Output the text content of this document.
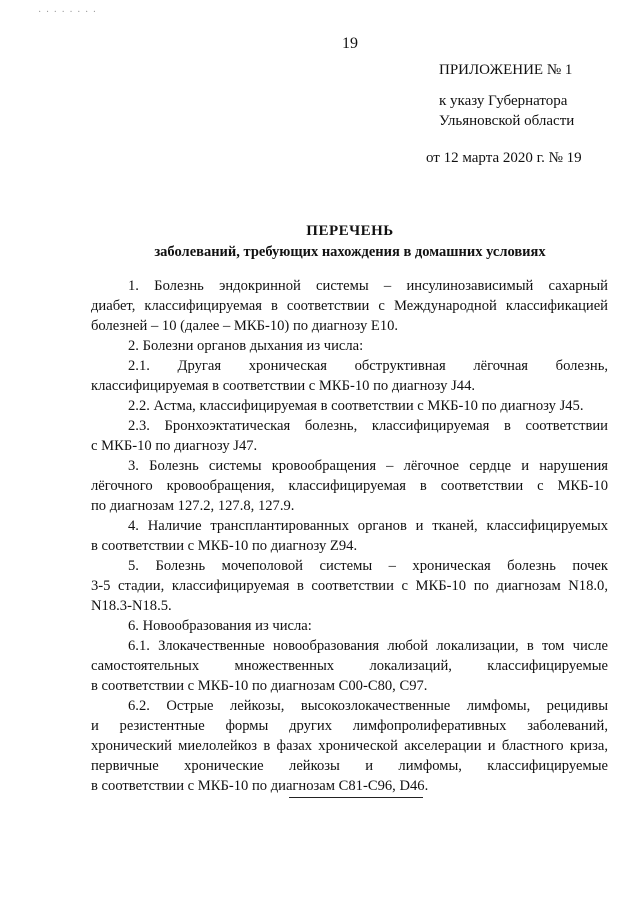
· · · · · · · ·
19
ПРИЛОЖЕНИЕ № 1
к указу Губернатора
Ульяновской области
от 12 марта 2020 г. № 19
ПЕРЕЧЕНЬ
заболеваний, требующих нахождения в домашних условиях
1. Болезнь эндокринной системы – инсулинозависимый сахарный
диабет, классифицируемая в соответствии с Международной классификацией
болезней – 10 (далее – МКБ-10) по диагнозу Е10.
2. Болезни органов дыхания из числа:
2.1. Другая хроническая обструктивная лёгочная болезнь,
классифицируемая в соответствии с МКБ-10 по диагнозу J44.
2.2. Астма, классифицируемая в соответствии с МКБ-10 по диагнозу J45.
2.3. Бронхоэктатическая болезнь, классифицируемая в соответствии
с МКБ-10 по диагнозу J47.
3. Болезнь системы кровообращения – лёгочное сердце и нарушения
лёгочного кровообращения, классифицируемая в соответствии с МКБ-10
по диагнозам 127.2, 127.8, 127.9.
4. Наличие трансплантированных органов и тканей, классифицируемых
в соответствии с МКБ-10 по диагнозу Z94.
5. Болезнь мочеполовой системы – хроническая болезнь почек
3-5 стадии, классифицируемая в соответствии с МКБ-10 по диагнозам N18.0,
N18.3-N18.5.
6. Новообразования из числа:
6.1. Злокачественные новообразования любой локализации, в том числе
самостоятельных множественных локализаций, классифицируемые
в соответствии с МКБ-10 по диагнозам С00-С80, С97.
6.2. Острые лейкозы, высокозлокачественные лимфомы, рецидивы
и резистентные формы других лимфопролиферативных заболеваний,
хронический миелолейкоз в фазах хронической акселерации и бластного криза,
первичные хронические лейкозы и лимфомы, классифицируемые
в соответствии с МКБ-10 по диагнозам С81-С96, D46.
